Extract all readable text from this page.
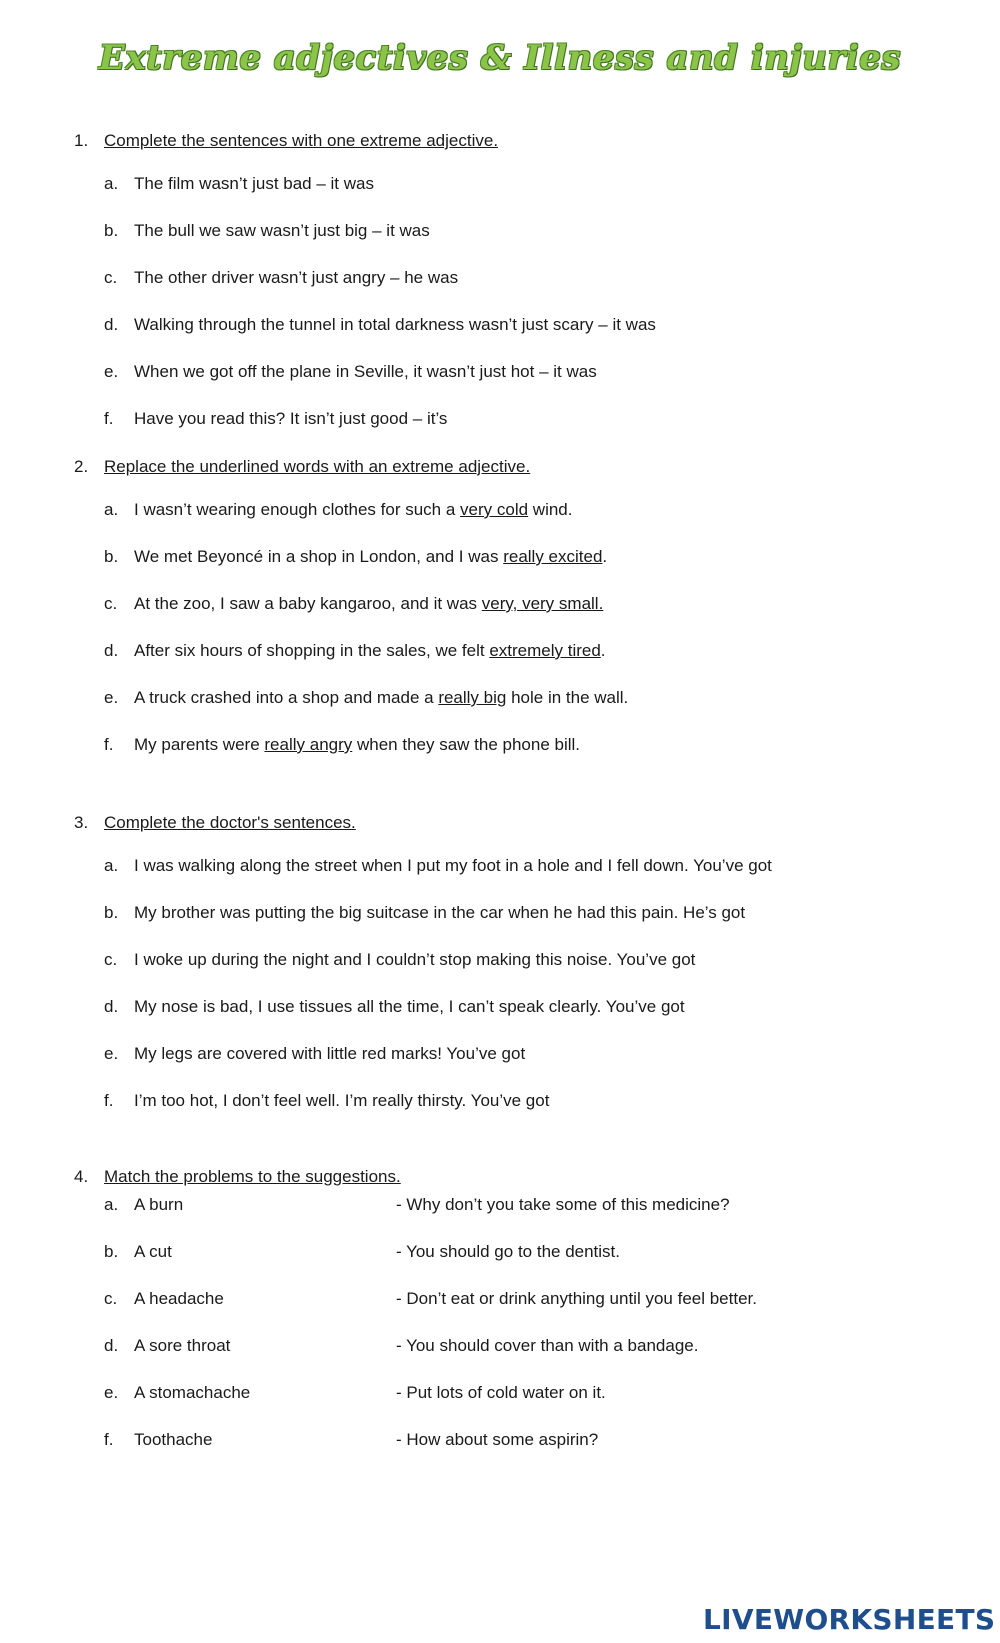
Extreme adjectives & Illness and injuries
1. Complete the sentences with one extreme adjective.
a. The film wasn’t just bad – it was
b. The bull we saw wasn’t just big – it was
c. The other driver wasn’t just angry – he was
d. Walking through the tunnel in total darkness wasn’t just scary – it was
e. When we got off the plane in Seville, it wasn’t just hot – it was
f. Have you read this? It isn’t just good – it’s
2. Replace the underlined words with an extreme adjective.
a. I wasn’t wearing enough clothes for such a very cold wind.
b. We met Beyoncé in a shop in London, and I was really excited.
c. At the zoo, I saw a baby kangaroo, and it was very, very small.
d. After six hours of shopping in the sales, we felt extremely tired.
e. A truck crashed into a shop and made a really big hole in the wall.
f. My parents were really angry when they saw the phone bill.
3. Complete the doctor's sentences.
a. I was walking along the street when I put my foot in a hole and I fell down. You’ve got
b. My brother was putting the big suitcase in the car when he had this pain. He’s got
c. I woke up during the night and I couldn’t stop making this noise. You’ve got
d. My nose is bad, I use tissues all the time, I can’t speak clearly. You’ve got
e. My legs are covered with little red marks! You’ve got
f. I’m too hot, I don’t feel well. I’m really thirsty. You’ve got
4. Match the problems to the suggestions.
a. A burn	- Why don’t you take some of this medicine?
b. A cut	- You should go to the dentist.
c. A headache	- Don’t eat or drink anything until you feel better.
d. A sore throat	- You should cover than with a bandage.
e. A stomachache	- Put lots of cold water on it.
f. Toothache	- How about some aspirin?
LIVEWORKSHEETS
